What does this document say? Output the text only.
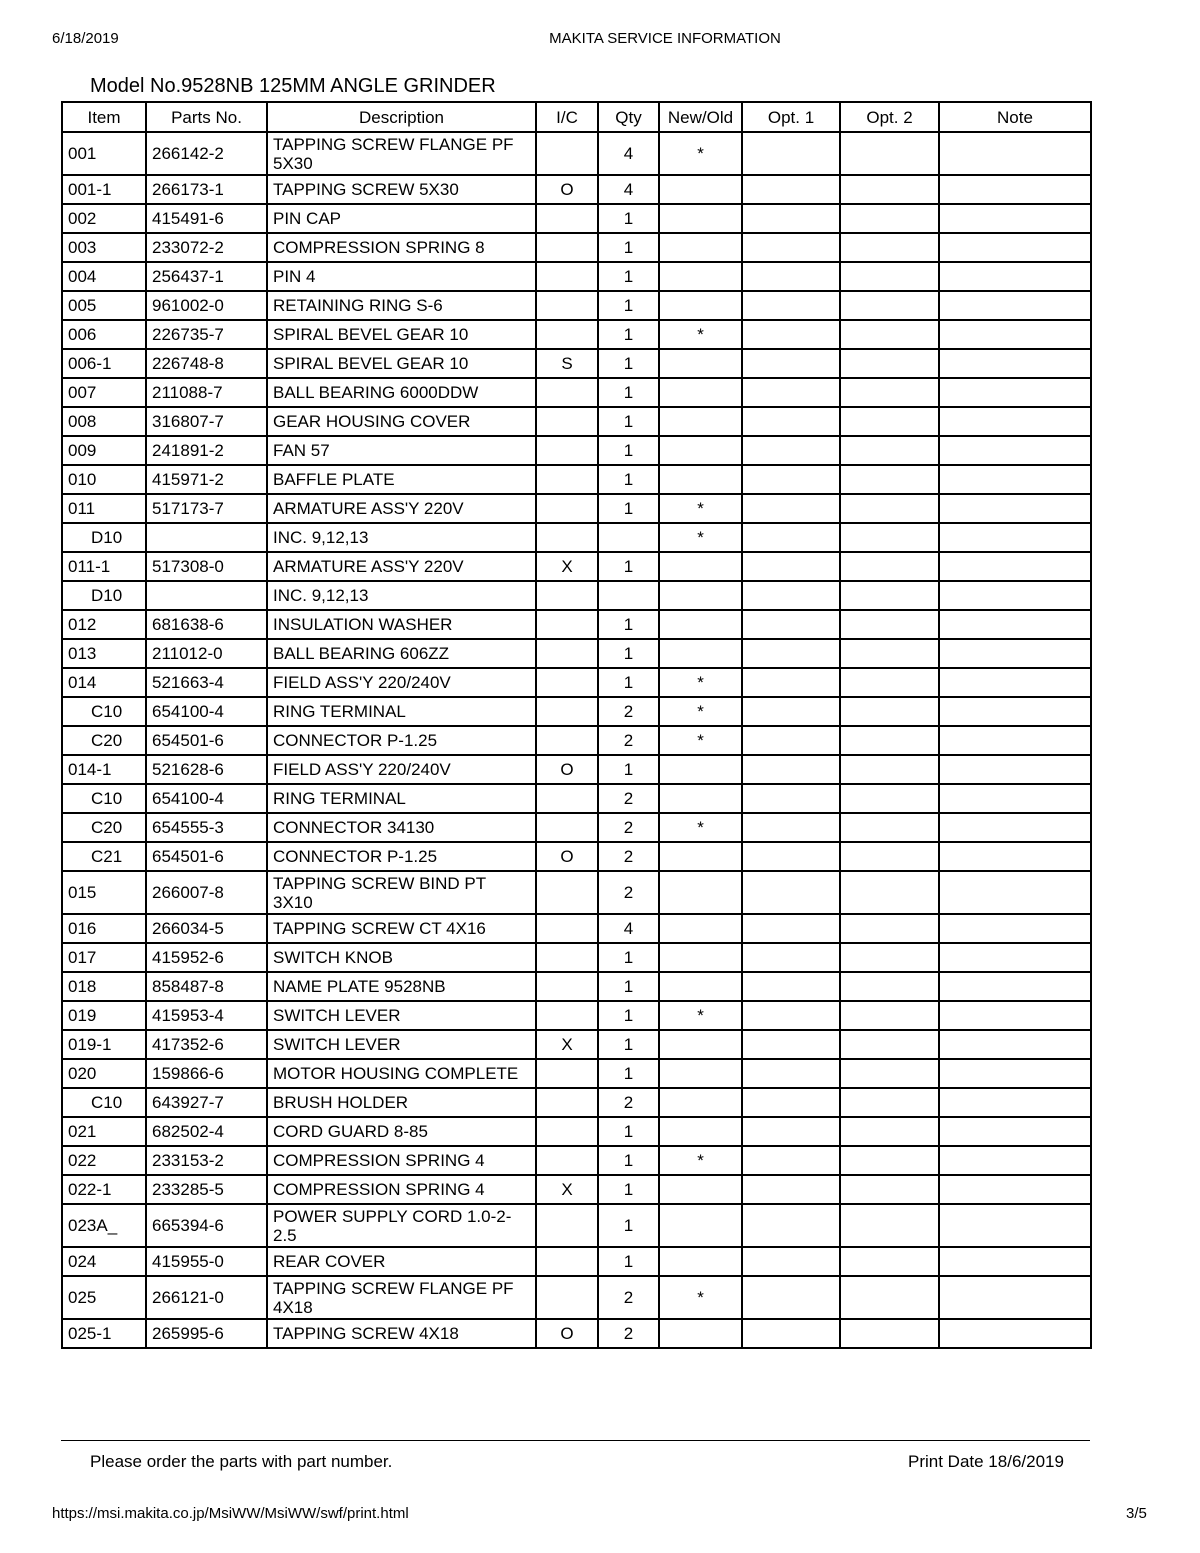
6/18/2019	MAKITA SERVICE INFORMATION
Model No.9528NB 125MM ANGLE GRINDER
Item	Parts No.	Description	I/C	Qty	New/Old	Opt. 1	Opt. 2	Note
001	266142-2	TAPPING SCREW FLANGE PF 5X30		4	*			
001-1	266173-1	TAPPING SCREW 5X30	O	4				
002	415491-6	PIN CAP		1				
003	233072-2	COMPRESSION SPRING 8		1				
004	256437-1	PIN 4		1				
005	961002-0	RETAINING RING S-6		1				
006	226735-7	SPIRAL BEVEL GEAR 10		1	*			
006-1	226748-8	SPIRAL BEVEL GEAR 10	S	1				
007	211088-7	BALL BEARING 6000DDW		1				
008	316807-7	GEAR HOUSING COVER		1				
009	241891-2	FAN 57		1				
010	415971-2	BAFFLE PLATE		1				
011	517173-7	ARMATURE ASS'Y 220V		1	*			
D10		INC. 9,12,13			*			
011-1	517308-0	ARMATURE ASS'Y 220V	X	1				
D10		INC. 9,12,13						
012	681638-6	INSULATION WASHER		1				
013	211012-0	BALL BEARING 606ZZ		1				
014	521663-4	FIELD ASS'Y 220/240V		1	*			
C10	654100-4	RING TERMINAL		2	*			
C20	654501-6	CONNECTOR P-1.25		2	*			
014-1	521628-6	FIELD ASS'Y 220/240V	O	1				
C10	654100-4	RING TERMINAL		2				
C20	654555-3	CONNECTOR 34130		2	*			
C21	654501-6	CONNECTOR P-1.25	O	2				
015	266007-8	TAPPING SCREW BIND PT 3X10		2				
016	266034-5	TAPPING SCREW CT 4X16		4				
017	415952-6	SWITCH KNOB		1				
018	858487-8	NAME PLATE 9528NB		1				
019	415953-4	SWITCH LEVER		1	*			
019-1	417352-6	SWITCH LEVER	X	1				
020	159866-6	MOTOR HOUSING COMPLETE		1				
C10	643927-7	BRUSH HOLDER		2				
021	682502-4	CORD GUARD 8-85		1				
022	233153-2	COMPRESSION SPRING 4		1	*			
022-1	233285-5	COMPRESSION SPRING 4	X	1				
023A_	665394-6	POWER SUPPLY CORD 1.0-2-2.5		1				
024	415955-0	REAR COVER		1				
025	266121-0	TAPPING SCREW FLANGE PF 4X18		2	*			
025-1	265995-6	TAPPING SCREW 4X18	O	2				
Please order the parts with part number.	Print Date 18/6/2019
https://msi.makita.co.jp/MsiWW/MsiWW/swf/print.html	3/5
